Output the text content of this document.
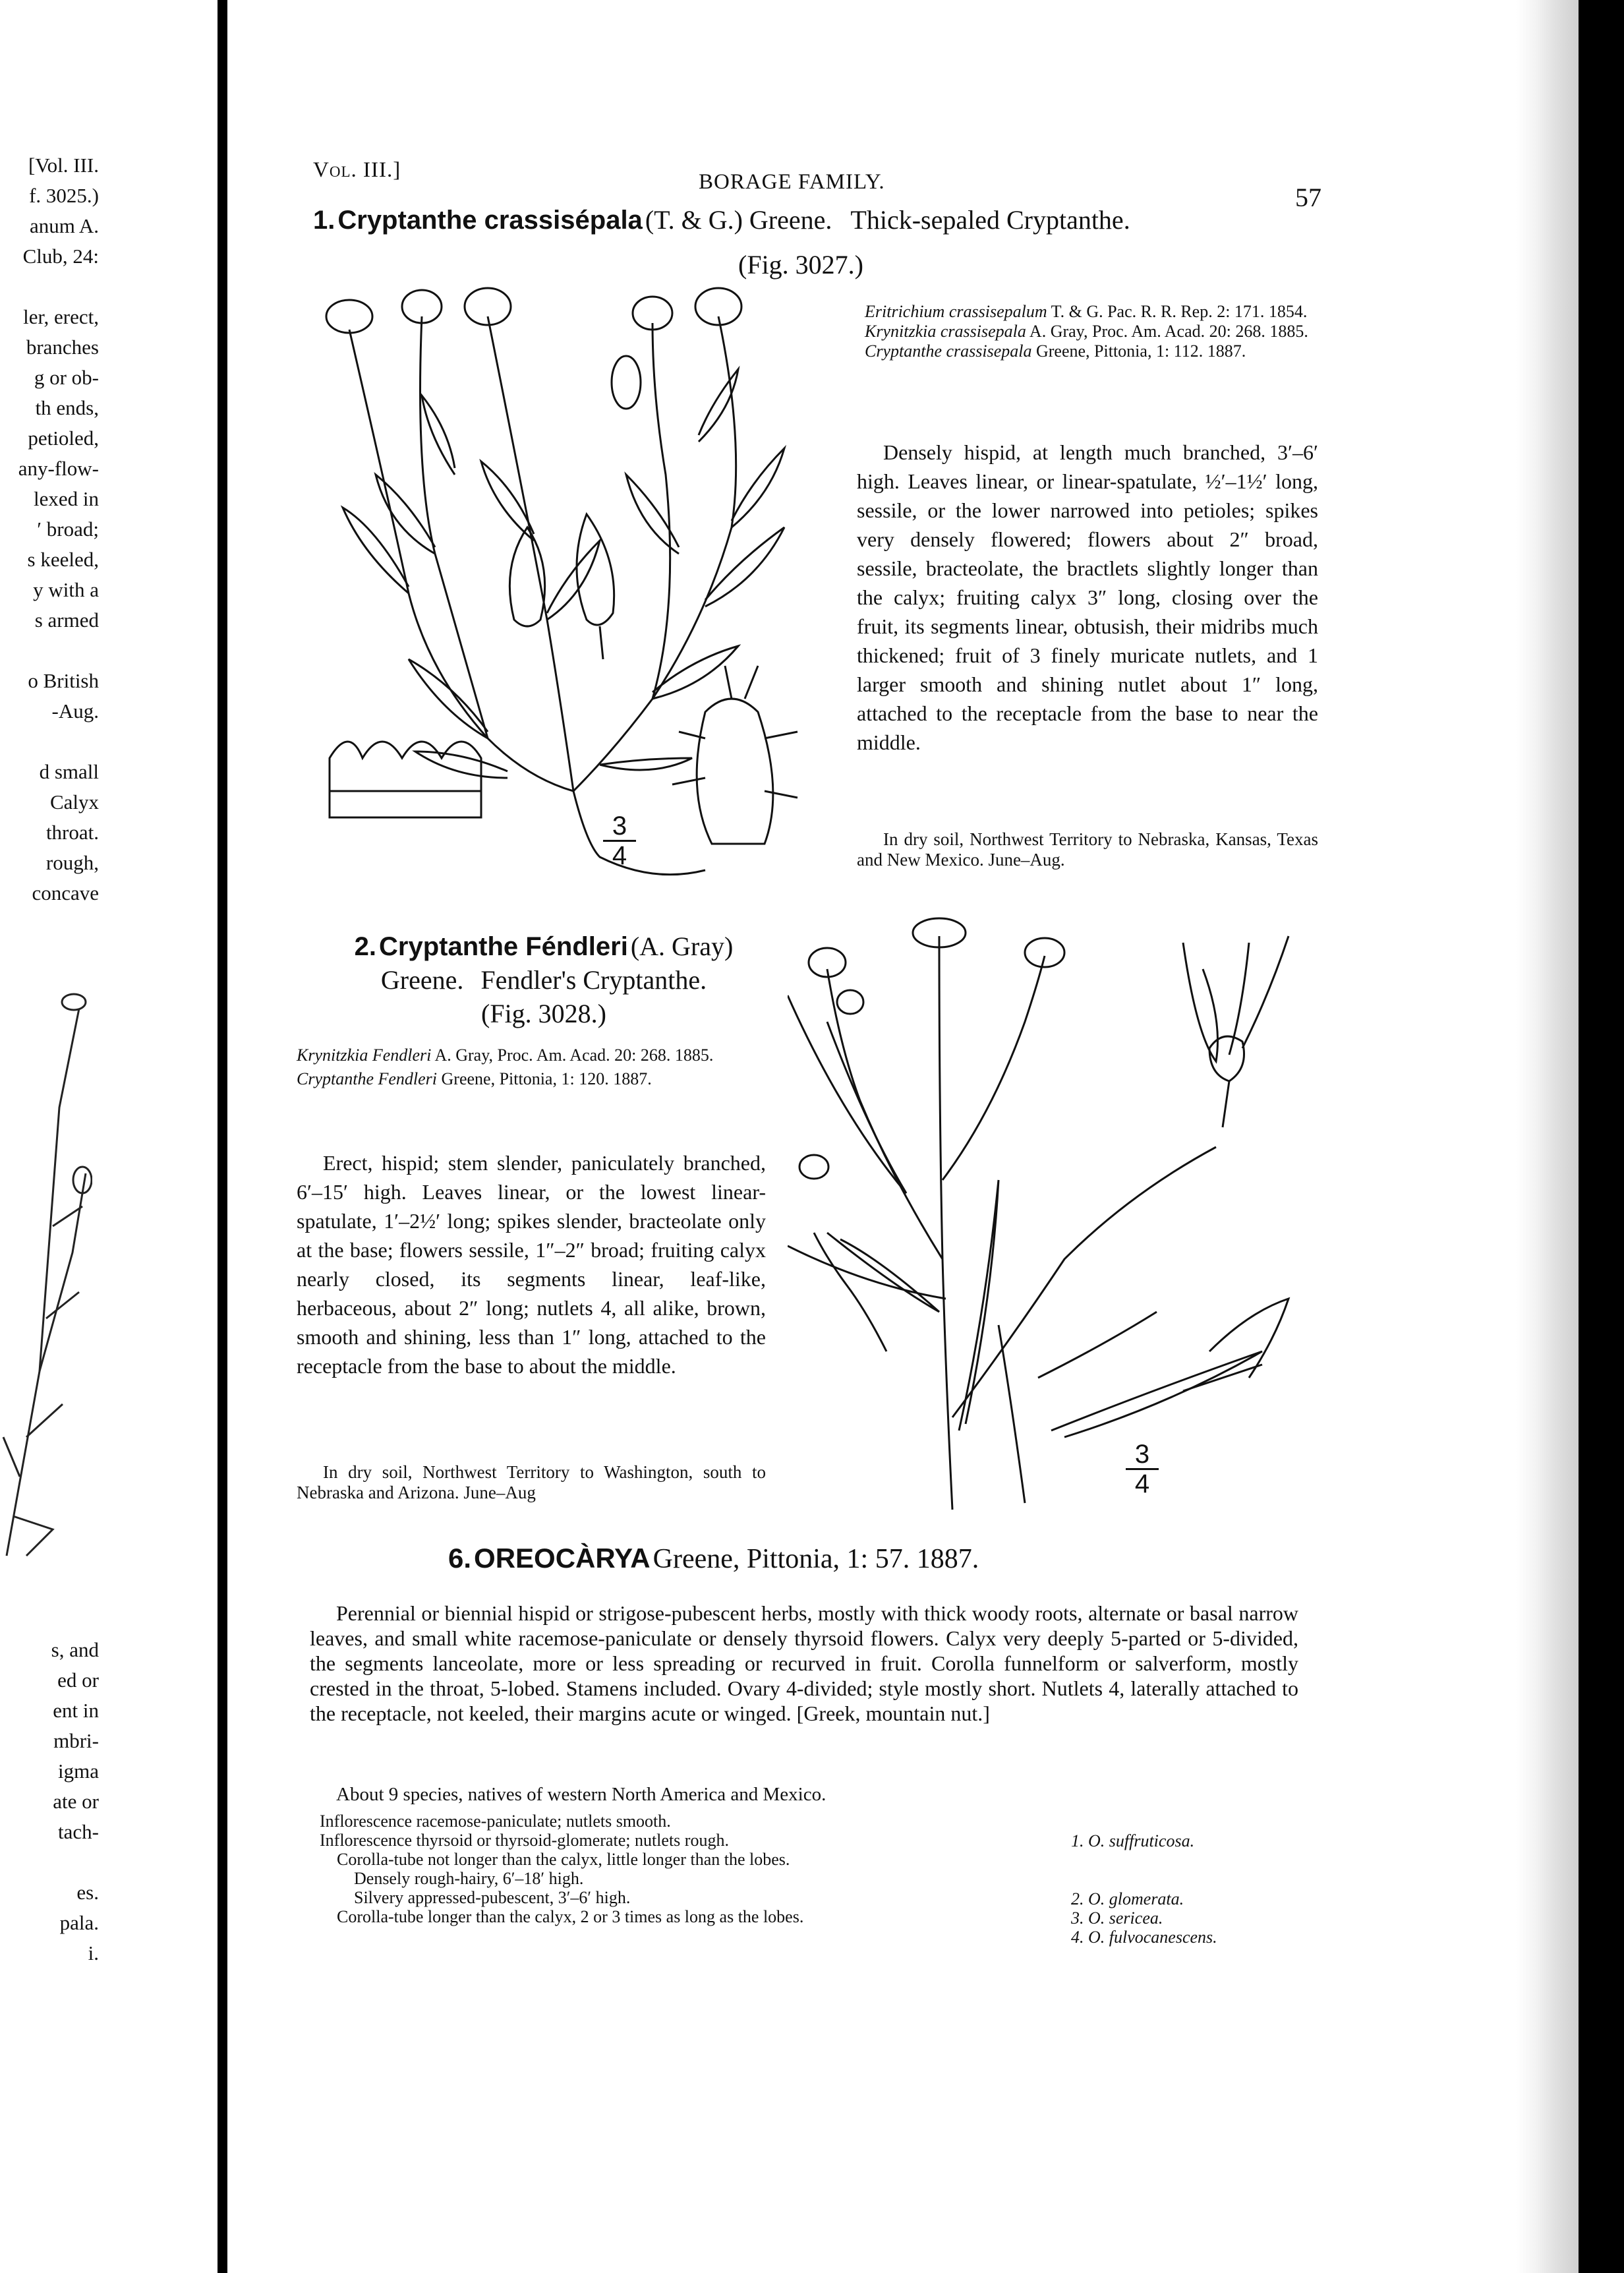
[Vol. III.
f. 3025.)
anum A.
Club, 24:
ler, erect,
branches
g or ob-
th ends,
petioled,
any-flow-
lexed in
′ broad;
s keeled,
y with a
s armed
o British
-Aug.
d small
Calyx
throat.
rough,
concave
s, and
ed or
ent in
mbri-
igma
ate or
tach-
es.
pala.
i.
Vol. III.]	BORAGE FAMILY.
57
1. Cryptanthe crassisépala (T. & G.) Greene. Thick-sepaled Cryptanthe.
(Fig. 3027.)
$\frac{3}{4}$
Eritrichium crassisepalum T. & G. Pac. R. R. Rep. 2: 171. 1854.
Krynitzkia crassisepala A. Gray, Proc. Am. Acad. 20: 268. 1885.
Cryptanthe crassisepala Greene, Pittonia, 1: 112. 1887.
Densely hispid, at length much branched, 3′–6′ high. Leaves linear, or linear-spatulate, ½′–1½′ long, sessile, or the lower narrowed into petioles; spikes very densely flowered; flowers about 2″ broad, sessile, bracteolate, the bractlets slightly longer than the calyx; fruiting calyx 3″ long, closing over the fruit, its segments linear, obtusish, their midribs much thickened; fruit of 3 finely muricate nutlets, and 1 larger smooth and shining nutlet about 1″ long, attached to the receptacle from the base to near the middle.
In dry soil, Northwest Territory to Nebraska, Kansas, Texas and New Mexico. June–Aug.
2. Cryptanthe Féndleri (A. Gray)
Greene. Fendler's Cryptanthe.
(Fig. 3028.)
Krynitzkia Fendleri A. Gray, Proc. Am. Acad. 20: 268. 1885.
Cryptanthe Fendleri Greene, Pittonia, 1: 120. 1887.
Erect, hispid; stem slender, paniculately branched, 6′–15′ high. Leaves linear, or the lowest linear-spatulate, 1′–2½′ long; spikes slender, bracteolate only at the base; flowers sessile, 1″–2″ broad; fruiting calyx nearly closed, its segments linear, leaf-like, herbaceous, about 2″ long; nutlets 4, all alike, brown, smooth and shining, less than 1″ long, attached to the receptacle from the base to about the middle.
In dry soil, Northwest Territory to Washington, south to Nebraska and Arizona. June–Aug	$\frac{3}{4}$
6. OREOCÀRYA Greene, Pittonia, 1: 57. 1887.
Perennial or biennial hispid or strigose-pubescent herbs, mostly with thick woody roots, alternate or basal narrow leaves, and small white racemose-paniculate or densely thyrsoid flowers. Calyx very deeply 5-parted or 5-divided, the segments lanceolate, more or less spreading or recurved in fruit. Corolla funnelform or salverform, mostly crested in the throat, 5-lobed. Stamens included. Ovary 4-divided; style mostly short. Nutlets 4, laterally attached to the receptacle, not keeled, their margins acute or winged. [Greek, mountain nut.]
About 9 species, natives of western North America and Mexico.
Inflorescence racemose-paniculate; nutlets smooth.
Inflorescence thyrsoid or thyrsoid-glomerate; nutlets rough.
Corolla-tube not longer than the calyx, little longer than the lobes.
Densely rough-hairy, 6′–18′ high.
Silvery appressed-pubescent, 3′–6′ high.
Corolla-tube longer than the calyx, 2 or 3 times as long as the lobes.
1. O. suffruticosa.
2. O. glomerata.
3. O. sericea.
4. O. fulvocanescens.
